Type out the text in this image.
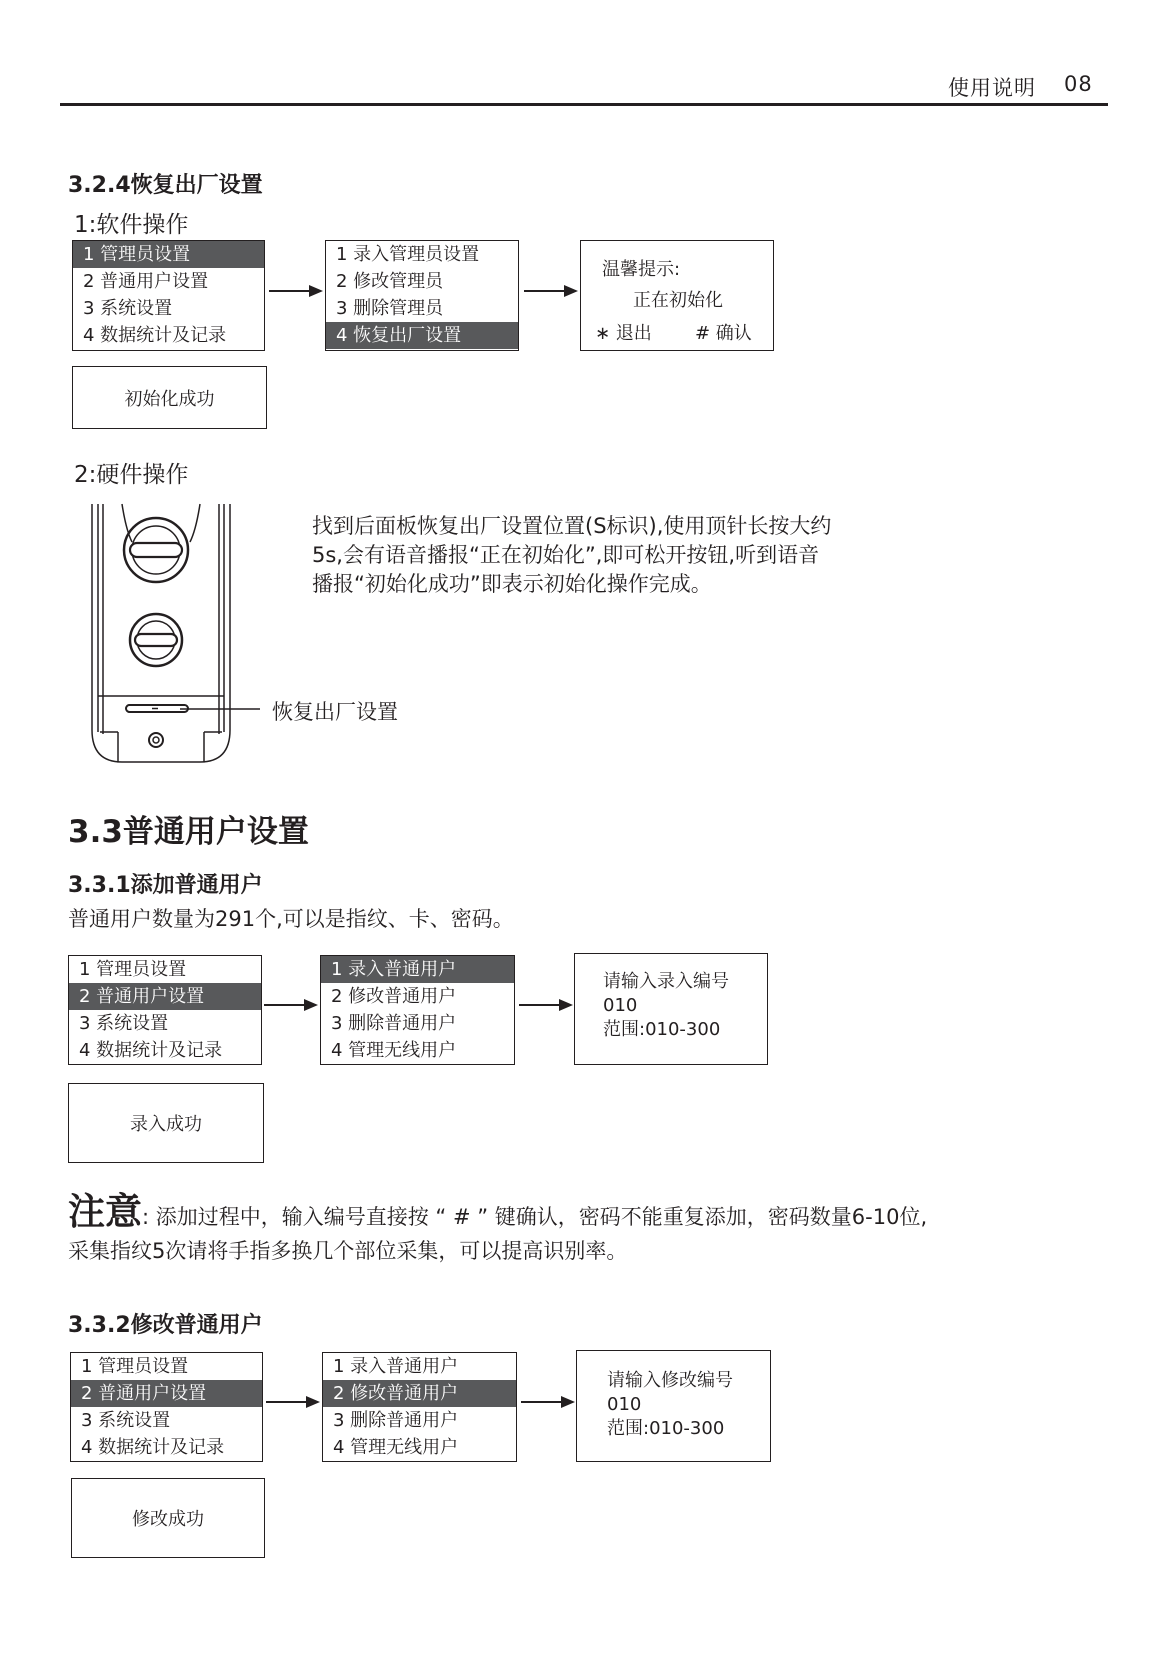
使用说明 08
3.2.4恢复出厂设置
1:软件操作
1 管理员设置
2 普通用户设置
3 系统设置
4 数据统计及记录
1 录入管理员设置
2 修改管理员
3 删除管理员
4 恢复出厂设置
温馨提示:
正在初始化
∗ 退出 # 确认
初始化成功
2:硬件操作
恢复出厂设置
找到后面板恢复出厂设置位置(S标识),使用顶针长按大约5s,会有语音播报“正在初始化”,即可松开按钮,听到语音播报“初始化成功”即表示初始化操作完成。
3.3普通用户设置
3.3.1添加普通用户
普通用户数量为291个,可以是指纹、卡、密码。
1 管理员设置
2 普通用户设置
3 系统设置
4 数据统计及记录
1 录入普通用户
2 修改普通用户
3 删除普通用户
4 管理无线用户
请输入录入编号
010
范围:010-300
录入成功
注意: 添加过程中，输入编号直接按 “ # ” 键确认，密码不能重复添加，密码数量6-10位,
采集指纹5次请将手指多换几个部位采集，可以提高识别率。
3.3.2修改普通用户
1 管理员设置
2 普通用户设置
3 系统设置
4 数据统计及记录
1 录入普通用户
2 修改普通用户
3 删除普通用户
4 管理无线用户
请输入修改编号
010
范围:010-300
修改成功
